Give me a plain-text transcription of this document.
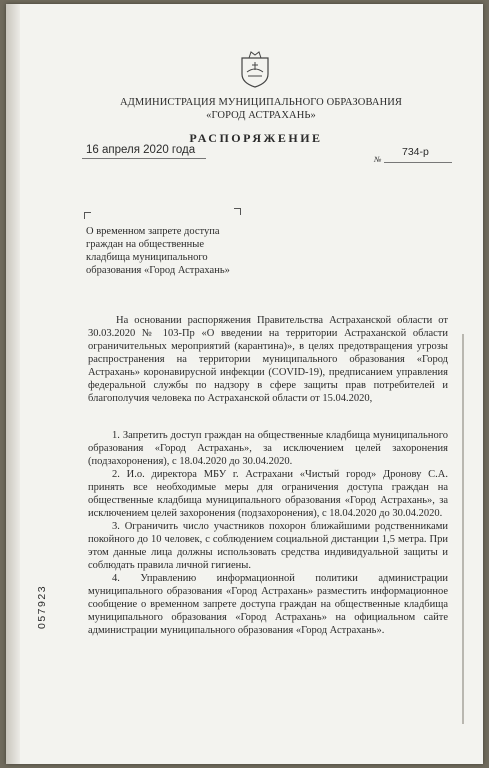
АДМИНИСТРАЦИЯ МУНИЦИПАЛЬНОГО ОБРАЗОВАНИЯ
«ГОРОД АСТРАХАНЬ»
РАСПОРЯЖЕНИЕ
16 апреля 2020 года	734-р
№
О временном запрете доступа граждан на общественные кладбища муниципального образования «Город Астрахань»
На основании распоряжения Правительства Астраханской области от 30.03.2020 № 103-Пр «О введении на территории Астраханской области ограничительных мероприятий (карантина)», в целях предотвращения угрозы распространения на территории муниципального образования «Город Астрахань» коронавирусной инфекции (COVID-19), предписанием управления федеральной службы по надзору в сфере защиты прав потребителей и благополучия человека по Астраханской области от 15.04.2020,

1. Запретить доступ граждан на общественные кладбища муниципального образования «Город Астрахань», за исключением целей захоронения (подзахоронения), с 18.04.2020 до 30.04.2020.

2. И.о. директора МБУ г. Астрахани «Чистый город» Дронову С.А. принять все необходимые меры для ограничения доступа граждан на общественные кладбища муниципального образования «Город Астрахань», за исключением целей захоронения (подзахоронения), с 18.04.2020 до 30.04.2020.

3. Ограничить число участников похорон ближайшими родственниками покойного до 10 человек, с соблюдением социальной дистанции 1,5 метра. При этом данные лица должны использовать средства индивидуальной защиты и соблюдать правила личной гигиены.

4. Управлению информационной политики администрации муниципального образования «Город Астрахань» разместить информационное сообщение о временном запрете доступа граждан на общественные кладбища муниципального образования «Город Астрахань» на официальном сайте администрации муниципального образования «Город Астрахань».

057923
